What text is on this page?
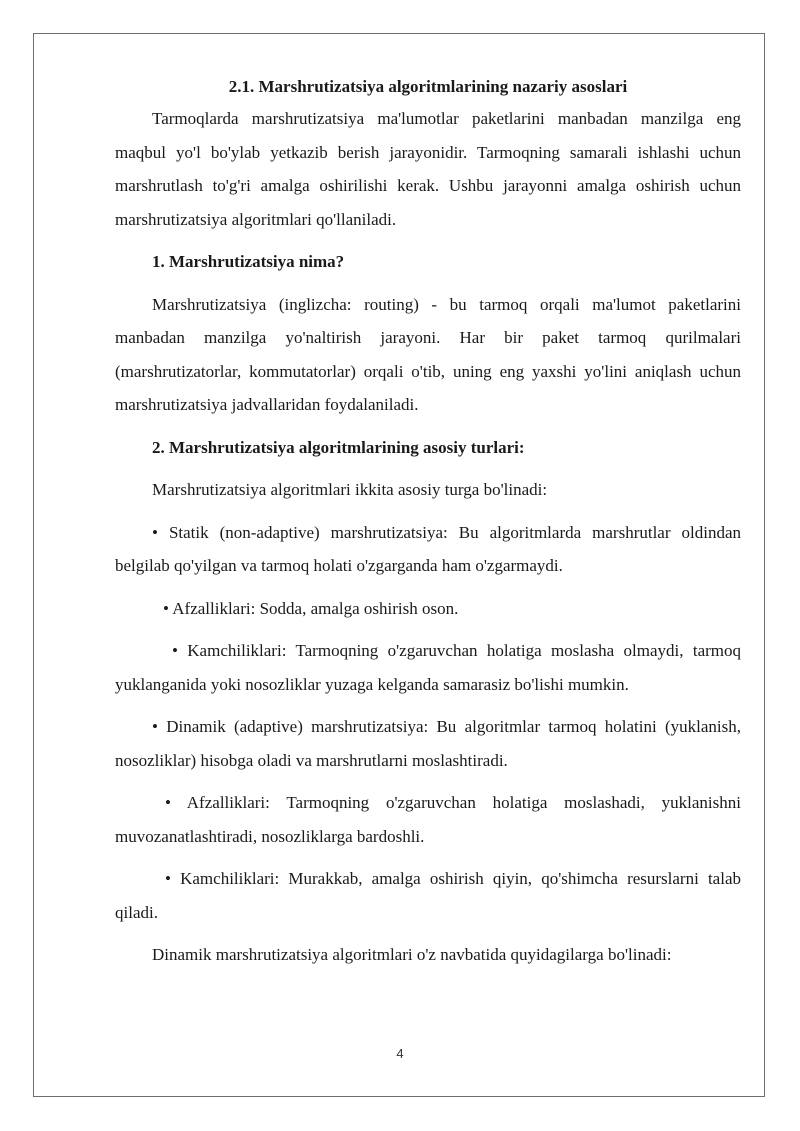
2.1. Marshrutizatsiya algoritmlarining nazariy asoslari

Tarmoqlarda marshrutizatsiya ma'lumotlar paketlarini manbadan manzilga eng maqbul yo'l bo'ylab yetkazib berish jarayonidir. Tarmoqning samarali ishlashi uchun marshrutlash to'g'ri amalga oshirilishi kerak. Ushbu jarayonni amalga oshirish uchun marshrutizatsiya algoritmlari qo'llaniladi.

1. Marshrutizatsiya nima?

Marshrutizatsiya (inglizcha: routing) - bu tarmoq orqali ma'lumot paketlarini manbadan manzilga yo'naltirish jarayoni. Har bir paket tarmoq qurilmalari (marshrutizatorlar, kommutatorlar) orqali o'tib, uning eng yaxshi yo'lini aniqlash uchun marshrutizatsiya jadvallaridan foydalaniladi.

2. Marshrutizatsiya algoritmlarining asosiy turlari:

Marshrutizatsiya algoritmlari ikkita asosiy turga bo'linadi:

• Statik (non-adaptive) marshrutizatsiya: Bu algoritmlarda marshrutlar oldindan belgilab qo'yilgan va tarmoq holati o'zgarganda ham o'zgarmaydi.

• Afzalliklari: Sodda, amalga oshirish oson.

• Kamchiliklari: Tarmoqning o'zgaruvchan holatiga moslasha olmaydi, tarmoq yuklanganida yoki nosozliklar yuzaga kelganda samarasiz bo'lishi mumkin.

• Dinamik (adaptive) marshrutizatsiya: Bu algoritmlar tarmoq holatini (yuklanish, nosozliklar) hisobga oladi va marshrutlarni moslashtiradi.

• Afzalliklari: Tarmoqning o'zgaruvchan holatiga moslashadi, yuklanishni muvozanatlashtiradi, nosozliklarga bardoshli.

• Kamchiliklari: Murakkab, amalga oshirish qiyin, qo'shimcha resurslarni talab qiladi.

Dinamik marshrutizatsiya algoritmlari o'z navbatida quyidagilarga bo'linadi:

4
